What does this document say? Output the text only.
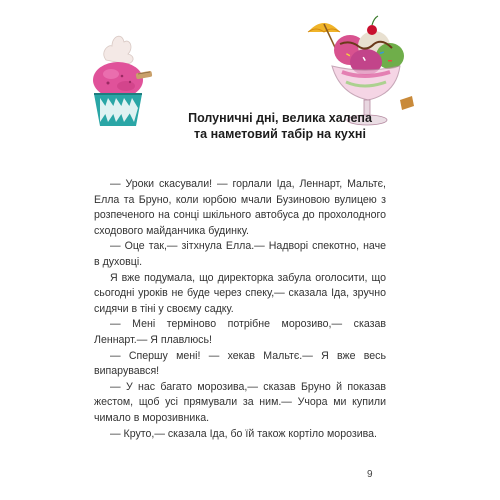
Полуничні дні, велика халепа
та наметовий табір на кухні

— Уроки скасували! — горлали Іда, Леннарт, Мальтє, Елла та Бруно, коли юрбою мчали Бузиновою вулицею з розпеченого на сонці шкільного автобуса до прохолодного сходового майданчика будинку.

— Оце так,— зітхнула Елла.— Надворі спекотно, наче в духовці.

Я вже подумала, що директорка забула оголосити, що сьогодні уроків не буде через спеку,— сказала Іда, зручно сидячи в тіні у своєму садку.

— Мені терміново потрібне морозиво,— сказав Леннарт.— Я плавлюсь!

— Спершу мені! — хекав Мальтє.— Я вже весь випарувався!

— У нас багато морозива,— сказав Бруно й показав жестом, щоб усі прямували за ним.— Учора ми купили чимало в морозивника.

— Круто,— сказала Іда, бо їй також кортіло морозива.

9
